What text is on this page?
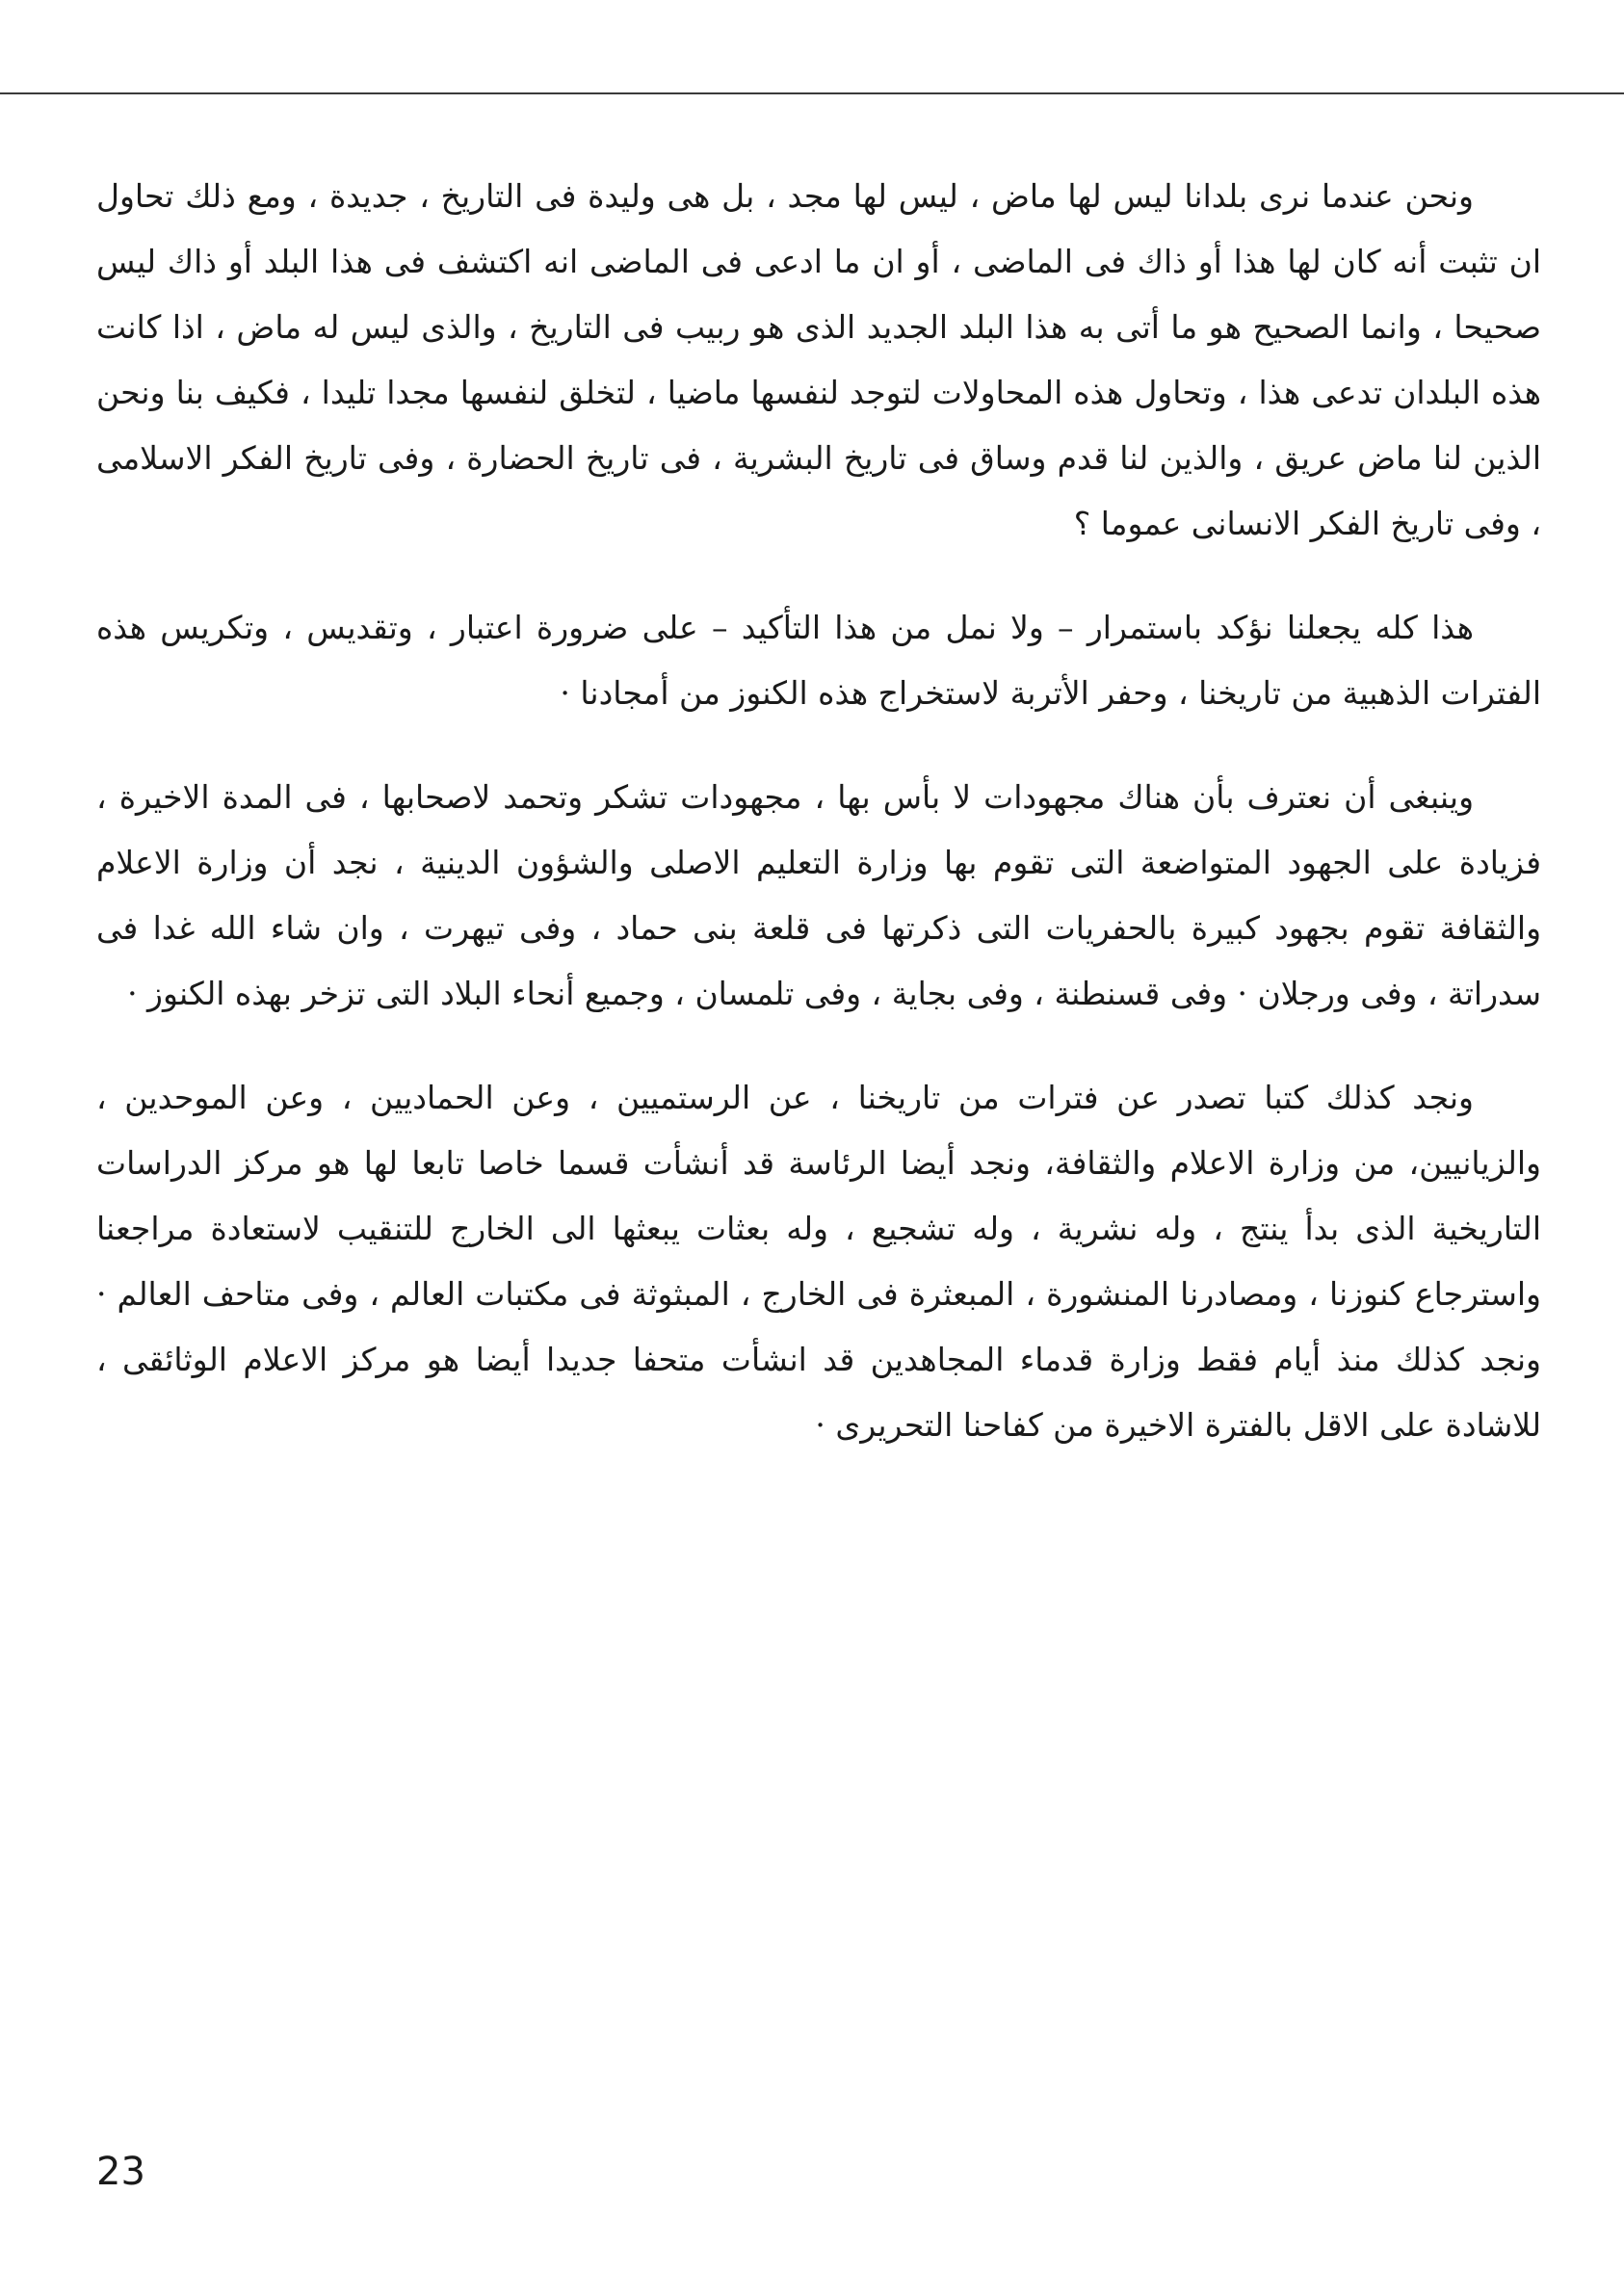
ونحن عندما نرى بلدانا ليس لها ماض ، ليس لها مجد ، بل هى وليدة فى التاريخ ، جديدة ، ومع ذلك تحاول ان تثبت أنه كان لها هذا أو ذاك فى الماضى ، أو ان ما ادعى فى الماضى انه اكتشف فى هذا البلد أو ذاك ليس صحيحا ، وانما الصحيح هو ما أتى به هذا البلد الجديد الذى هو ربيب فى التاريخ ، والذى ليس له ماض ، اذا كانت هذه البلدان تدعى هذا ، وتحاول هذه المحاولات لتوجد لنفسها ماضيا ، لتخلق لنفسها مجدا تليدا ، فكيف بنا ونحن الذين لنا ماض عريق ، والذين لنا قدم وساق فى تاريخ البشرية ، فى تاريخ الحضارة ، وفى تاريخ الفكر الاسلامى ، وفى تاريخ الفكر الانسانى عموما ؟

هذا كله يجعلنا نؤكد باستمرار – ولا نمل من هذا التأكيد – على ضرورة اعتبار ، وتقديس ، وتكريس هذه الفترات الذهبية من تاريخنا ، وحفر الأتربة لاستخراج هذه الكنوز من أمجادنا ·

وينبغى أن نعترف بأن هناك مجهودات لا بأس بها ، مجهودات تشكر وتحمد لاصحابها ، فى المدة الاخيرة ، فزيادة على الجهود المتواضعة التى تقوم بها وزارة التعليم الاصلى والشؤون الدينية ، نجد أن وزارة الاعلام والثقافة تقوم بجهود كبيرة بالحفريات التى ذكرتها فى قلعة بنى حماد ، وفى تيهرت ، وان شاء الله غدا فى سدراتة ، وفى ورجلان · وفى قسنطنة ، وفى بجاية ، وفى تلمسان ، وجميع أنحاء البلاد التى تزخر بهذه الكنوز ·

ونجد كذلك كتبا تصدر عن فترات من تاريخنا ، عن الرستميين ، وعن الحماديين ، وعن الموحدين ، والزيانيين، من وزارة الاعلام والثقافة، ونجد أيضا الرئاسة قد أنشأت قسما خاصا تابعا لها هو مركز الدراسات التاريخية الذى بدأ ينتج ، وله نشرية ، وله تشجيع ، وله بعثات يبعثها الى الخارج للتنقيب لاستعادة مراجعنا واسترجاع كنوزنا ، ومصادرنا المنشورة ، المبعثرة فى الخارج ، المبثوثة فى مكتبات العالم ، وفى متاحف العالم · ونجد كذلك منذ أيام فقط وزارة قدماء المجاهدين قد انشأت متحفا جديدا أيضا هو مركز الاعلام الوثائقى ، للاشادة على الاقل بالفترة الاخيرة من كفاحنا التحريرى ·

23
